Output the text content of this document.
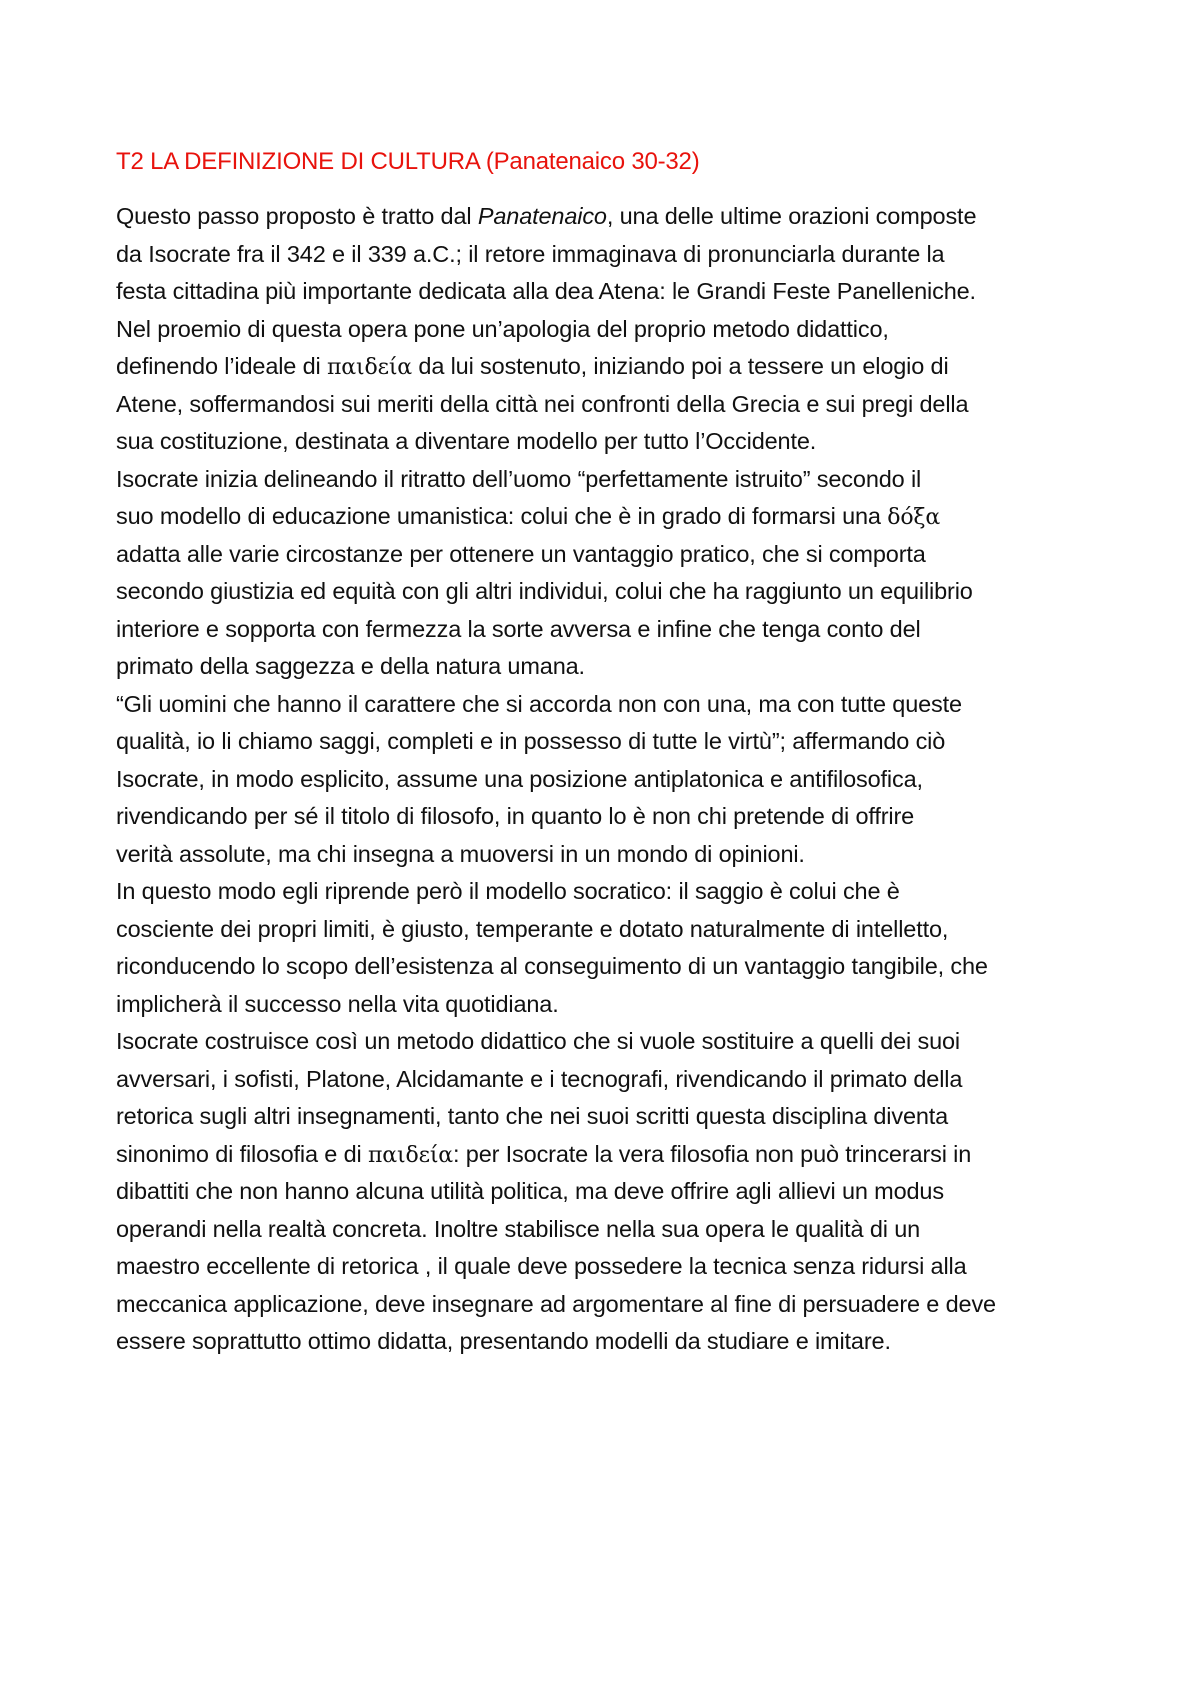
T2 LA DEFINIZIONE DI CULTURA (Panatenaico 30-32)
Questo passo proposto è tratto dal Panatenaico, una delle ultime orazioni composte
da Isocrate fra il 342 e il 339 a.C.; il retore immaginava di pronunciarla durante la
festa cittadina più importante dedicata alla dea Atena: le Grandi Feste Panelleniche.
Nel proemio di questa opera pone un’apologia del proprio metodo didattico,
definendo l’ideale di παιδεία da lui sostenuto, iniziando poi a tessere un elogio di
Atene, soffermandosi sui meriti della città nei confronti della Grecia e sui pregi della
sua costituzione, destinata a diventare modello per tutto l’Occidente.
Isocrate inizia delineando il ritratto dell’uomo “perfettamente istruito” secondo il
suo modello di educazione umanistica: colui che è in grado di formarsi una δόξα
adatta alle varie circostanze per ottenere un vantaggio pratico, che si comporta
secondo giustizia ed equità con gli altri individui, colui che ha raggiunto un equilibrio
interiore e sopporta con fermezza la sorte avversa e infine che tenga conto del
primato della saggezza e della natura umana.
“Gli uomini che hanno il carattere che si accorda non con una, ma con tutte queste
qualità, io li chiamo saggi, completi e in possesso di tutte le virtù”; affermando ciò
Isocrate, in modo esplicito, assume una posizione antiplatonica e antifilosofica,
rivendicando per sé il titolo di filosofo, in quanto lo è non chi pretende di offrire
verità assolute, ma chi insegna a muoversi in un mondo di opinioni.
In questo modo egli riprende però il modello socratico: il saggio è colui che è
cosciente dei propri limiti, è giusto, temperante e dotato naturalmente di intelletto,
riconducendo lo scopo dell’esistenza al conseguimento di un vantaggio tangibile, che
implicherà il successo nella vita quotidiana.
Isocrate costruisce così un metodo didattico che si vuole sostituire a quelli dei suoi
avversari, i sofisti, Platone, Alcidamante e i tecnografi, rivendicando il primato della
retorica sugli altri insegnamenti, tanto che nei suoi scritti questa disciplina diventa
sinonimo di filosofia e di παιδεία: per Isocrate la vera filosofia non può trincerarsi in
dibattiti che non hanno alcuna utilità politica, ma deve offrire agli allievi un modus
operandi nella realtà concreta. Inoltre stabilisce nella sua opera le qualità di un
maestro eccellente di retorica , il quale deve possedere la tecnica senza ridursi alla
meccanica applicazione, deve insegnare ad argomentare al fine di persuadere e deve
essere soprattutto ottimo didatta, presentando modelli da studiare e imitare.
